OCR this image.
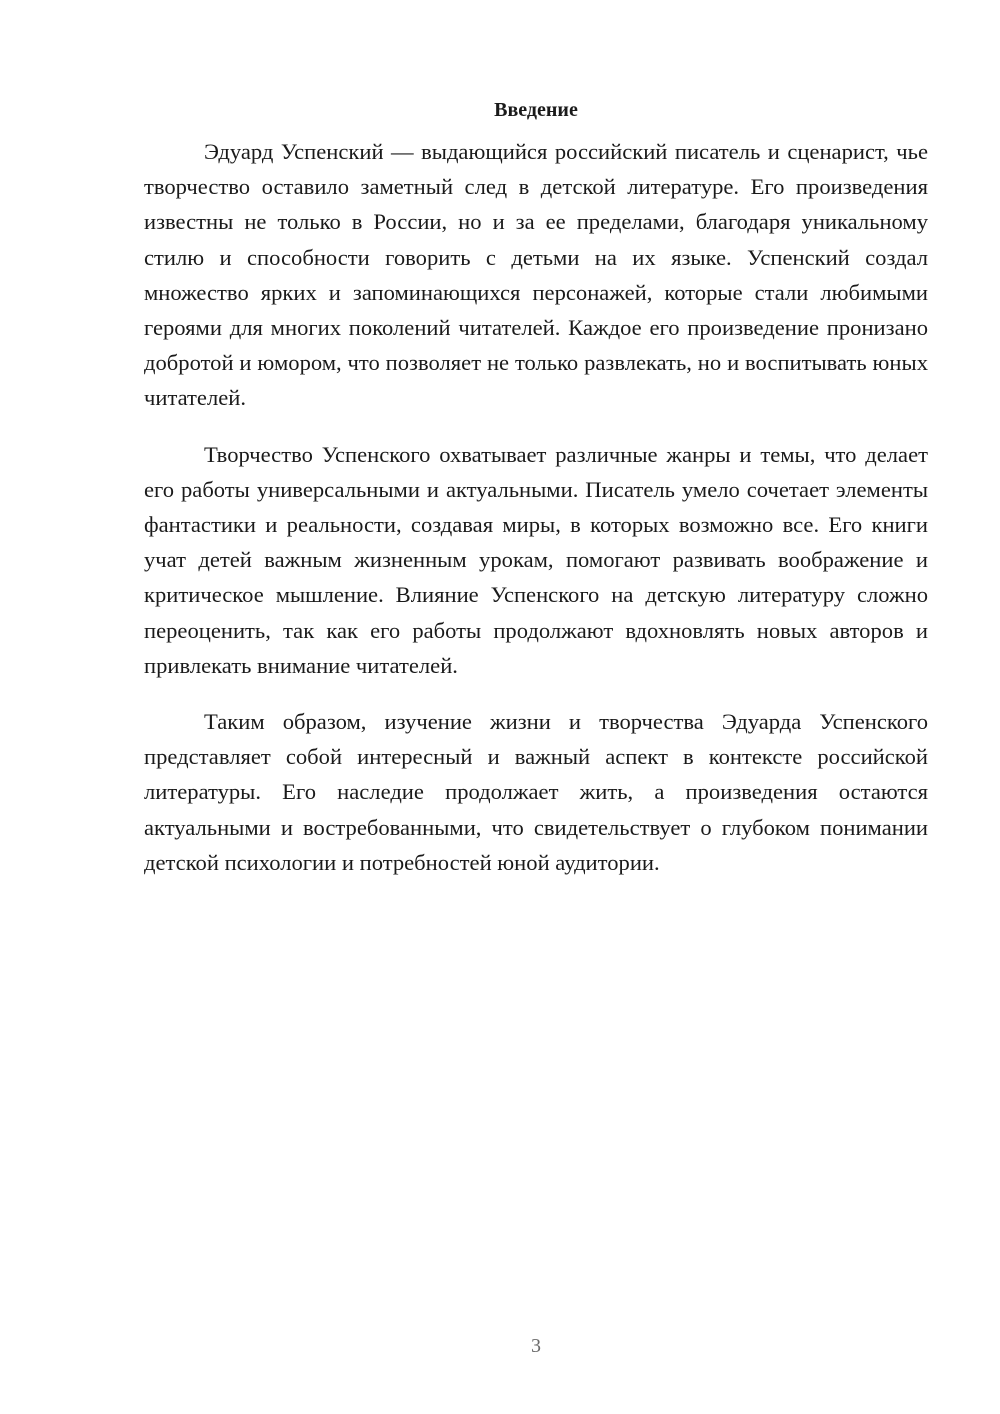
Введение

Эдуард Успенский — выдающийся российский писатель и сценарист, чье творчество оставило заметный след в детской литературе. Его произведения известны не только в России, но и за ее пределами, благодаря уникальному стилю и способности говорить с детьми на их языке. Успенский создал множество ярких и запоминающихся персонажей, которые стали любимыми героями для многих поколений читателей. Каждое его произведение пронизано добротой и юмором, что позволяет не только развлекать, но и воспитывать юных читателей.

Творчество Успенского охватывает различные жанры и темы, что делает его работы универсальными и актуальными. Писатель умело сочетает элементы фантастики и реальности, создавая миры, в которых возможно все. Его книги учат детей важным жизненным урокам, помогают развивать воображение и критическое мышление. Влияние Успенского на детскую литературу сложно переоценить, так как его работы продолжают вдохновлять новых авторов и привлекать внимание читателей.

Таким образом, изучение жизни и творчества Эдуарда Успенского представляет собой интересный и важный аспект в контексте российской литературы. Его наследие продолжает жить, а произведения остаются актуальными и востребованными, что свидетельствует о глубоком понимании детской психологии и потребностей юной аудитории.

3
